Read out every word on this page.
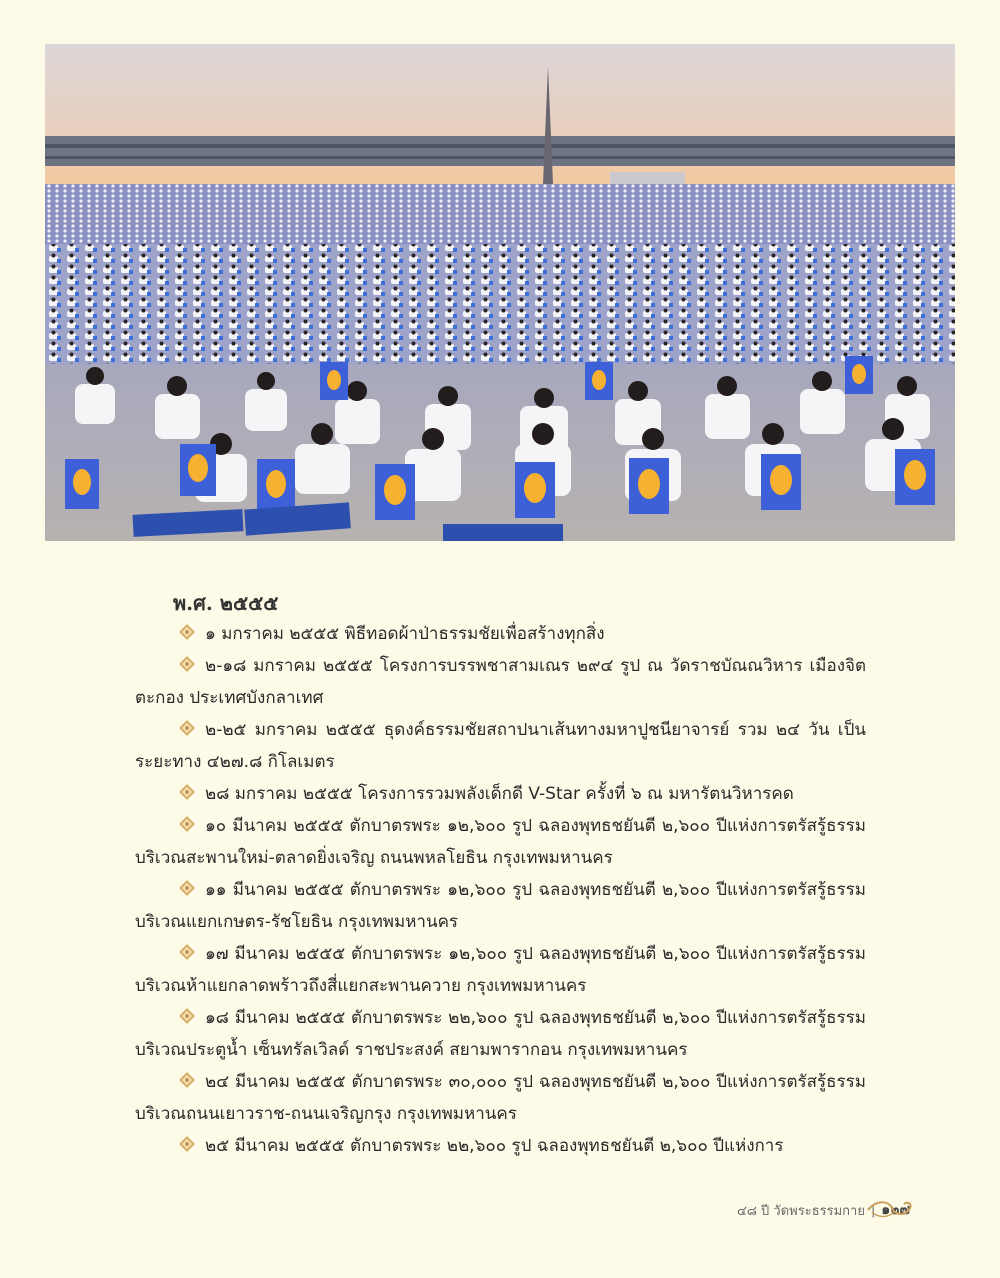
พ.ศ. ๒๕๕๕

๑ มกราคม ๒๕๕๕ พิธีทอดผ้าป่าธรรมชัยเพื่อสร้างทุกสิ่ง

๒-๑๘ มกราคม ๒๕๕๕ โครงการบรรพชาสามเณร ๒๙๔ รูป ณ วัดราชบัณณวิหาร เมืองจิตตะกอง ประเทศบังกลาเทศ

๒-๒๕ มกราคม ๒๕๕๕ ธุดงค์ธรรมชัยสถาปนาเส้นทางมหาปูชนียาจารย์ รวม ๒๔ วัน เป็นระยะทาง ๔๒๗.๘ กิโลเมตร

๒๘ มกราคม ๒๕๕๕ โครงการรวมพลังเด็กดี V-Star ครั้งที่ ๖ ณ มหารัตนวิหารคด

๑๐ มีนาคม ๒๕๕๕ ตักบาตรพระ ๑๒,๖๐๐ รูป ฉลองพุทธชยันตี ๒,๖๐๐ ปีแห่งการตรัสรู้ธรรม บริเวณสะพานใหม่-ตลาดยิ่งเจริญ ถนนพหลโยธิน กรุงเทพมหานคร

๑๑ มีนาคม ๒๕๕๕ ตักบาตรพระ ๑๒,๖๐๐ รูป ฉลองพุทธชยันตี ๒,๖๐๐ ปีแห่งการตรัสรู้ธรรม บริเวณแยกเกษตร-รัชโยธิน กรุงเทพมหานคร

๑๗ มีนาคม ๒๕๕๕ ตักบาตรพระ ๑๒,๖๐๐ รูป ฉลองพุทธชยันตี ๒,๖๐๐ ปีแห่งการตรัสรู้ธรรม บริเวณห้าแยกลาดพร้าวถึงสี่แยกสะพานควาย กรุงเทพมหานคร

๑๘ มีนาคม ๒๕๕๕ ตักบาตรพระ ๒๒,๖๐๐ รูป ฉลองพุทธชยันตี ๒,๖๐๐ ปีแห่งการตรัสรู้ธรรม บริเวณประตูน้ำ เซ็นทรัลเวิลด์ ราชประสงค์ สยามพารากอน กรุงเทพมหานคร

๒๔ มีนาคม ๒๕๕๕ ตักบาตรพระ ๓๐,๐๐๐ รูป ฉลองพุทธชยันตี ๒,๖๐๐ ปีแห่งการตรัสรู้ธรรม บริเวณถนนเยาวราช-ถนนเจริญกรุง กรุงเทพมหานคร

๒๕ มีนาคม ๒๕๕๕ ตักบาตรพระ ๒๒,๖๐๐ รูป ฉลองพุทธชยันตี ๒,๖๐๐ ปีแห่งการ

๔๘ ปี วัดพระธรรมกาย | ๑๒๗
